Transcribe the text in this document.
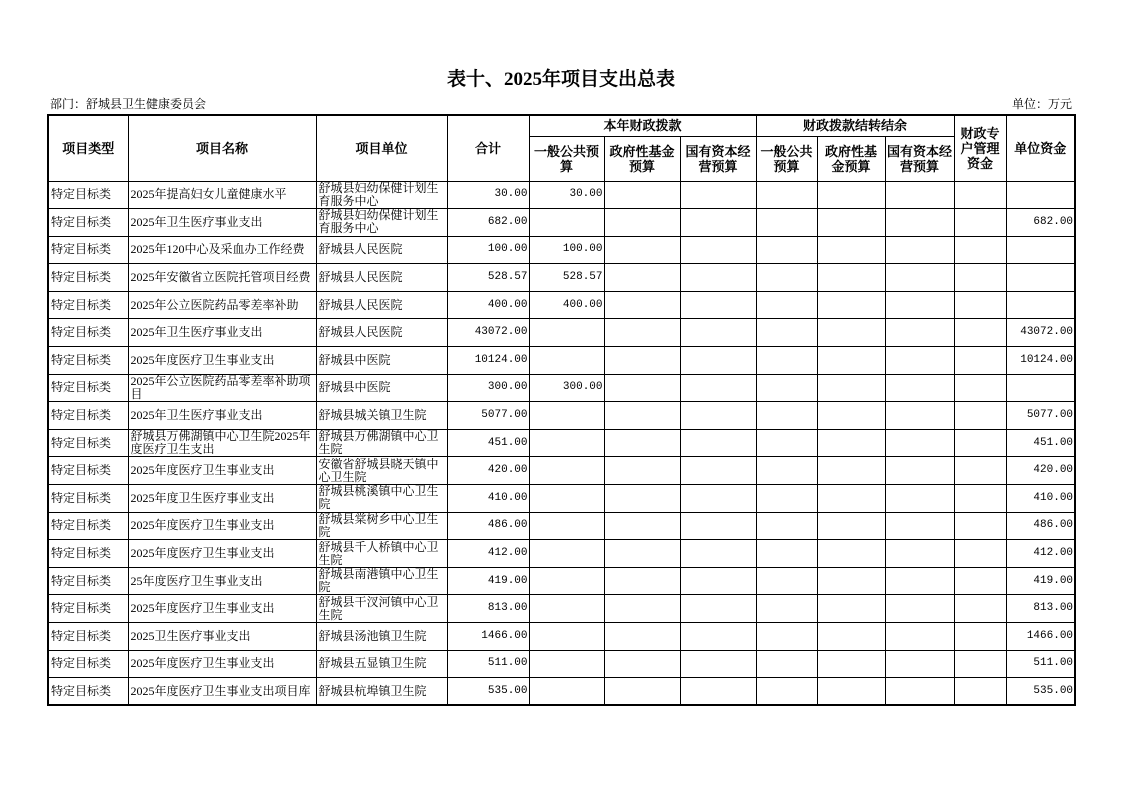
表十、2025年项目支出总表
部门：舒城县卫生健康委员会	单位：万元
项目类型	项目名称	项目单位	合计	本年财政拨款			财政拨款结转结余			财政专户管理资金	单位资金
				一般公共预算	政府性基金预算	国有资本经营预算	一般公共预算	政府性基金预算	国有资本经营预算		

特定目标类	2025年提高妇女儿童健康水平	舒城县妇幼保健计划生育服务中心	30.00	30.00							

特定目标类	2025年卫生医疗事业支出	舒城县妇幼保健计划生育服务中心	682.00								682.00

特定目标类	2025年120中心及采血办工作经费	舒城县人民医院	100.00	100.00							

特定目标类	2025年安徽省立医院托管项目经费	舒城县人民医院	528.57	528.57							

特定目标类	2025年公立医院药品零差率补助	舒城县人民医院	400.00	400.00							

特定目标类	2025年卫生医疗事业支出	舒城县人民医院	43072.00								43072.00

特定目标类	2025年度医疗卫生事业支出	舒城县中医院	10124.00								10124.00

特定目标类	2025年公立医院药品零差率补助项目	舒城县中医院	300.00	300.00							

特定目标类	2025年卫生医疗事业支出	舒城县城关镇卫生院	5077.00								5077.00

特定目标类	舒城县万佛湖镇中心卫生院2025年度医疗卫生支出	舒城县万佛湖镇中心卫生院	451.00								451.00

特定目标类	2025年度医疗卫生事业支出	安徽省舒城县晓天镇中心卫生院	420.00								420.00

特定目标类	2025年度卫生医疗事业支出	舒城县桃溪镇中心卫生院	410.00								410.00

特定目标类	2025年度医疗卫生事业支出	舒城县棠树乡中心卫生院	486.00								486.00

特定目标类	2025年度医疗卫生事业支出	舒城县千人桥镇中心卫生院	412.00								412.00

特定目标类	25年度医疗卫生事业支出	舒城县南港镇中心卫生院	419.00								419.00

特定目标类	2025年度医疗卫生事业支出	舒城县干汊河镇中心卫生院	813.00								813.00

特定目标类	2025卫生医疗事业支出	舒城县汤池镇卫生院	1466.00								1466.00

特定目标类	2025年度医疗卫生事业支出	舒城县五显镇卫生院	511.00								511.00

特定目标类	2025年度医疗卫生事业支出项目库	舒城县杭埠镇卫生院	535.00								535.00
